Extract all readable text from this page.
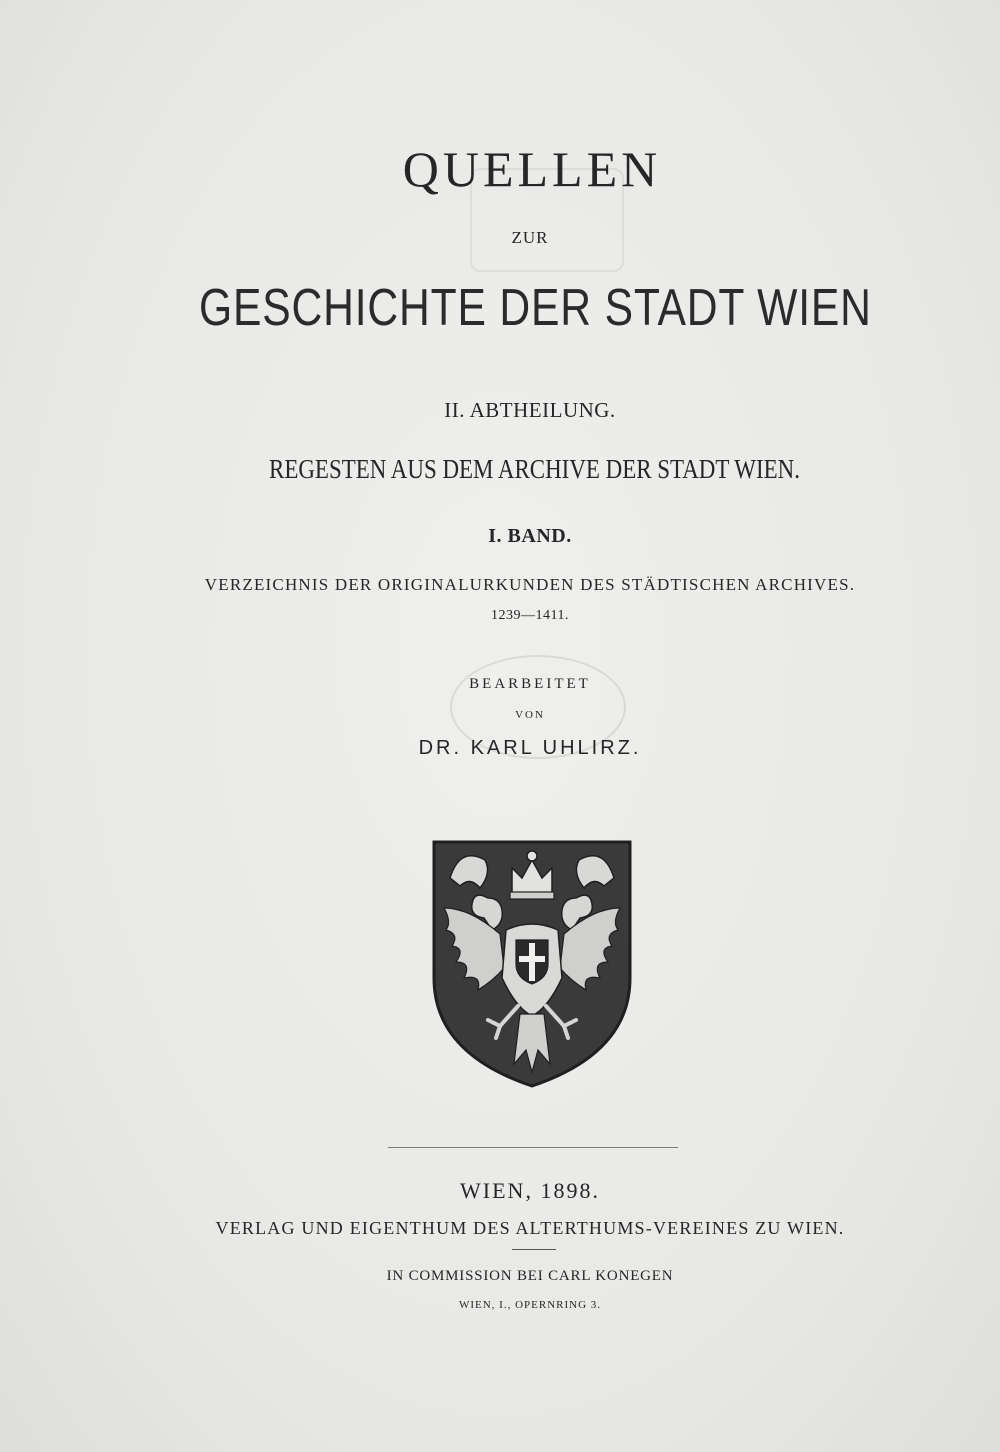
QUELLEN
ZUR
GESCHICHTE DER STADT WIEN
II. ABTHEILUNG.
REGESTEN AUS DEM ARCHIVE DER STADT WIEN.
I. BAND.
VERZEICHNIS DER ORIGINALURKUNDEN DES STÄDTISCHEN ARCHIVES.
1239—1411.
BEARBEITET
VON
DR. KARL UHLIRZ.
WIEN, 1898.
VERLAG UND EIGENTHUM DES ALTERTHUMS-VEREINES ZU WIEN.
IN COMMISSION BEI CARL KONEGEN
WIEN, I., OPERNRING 3.
